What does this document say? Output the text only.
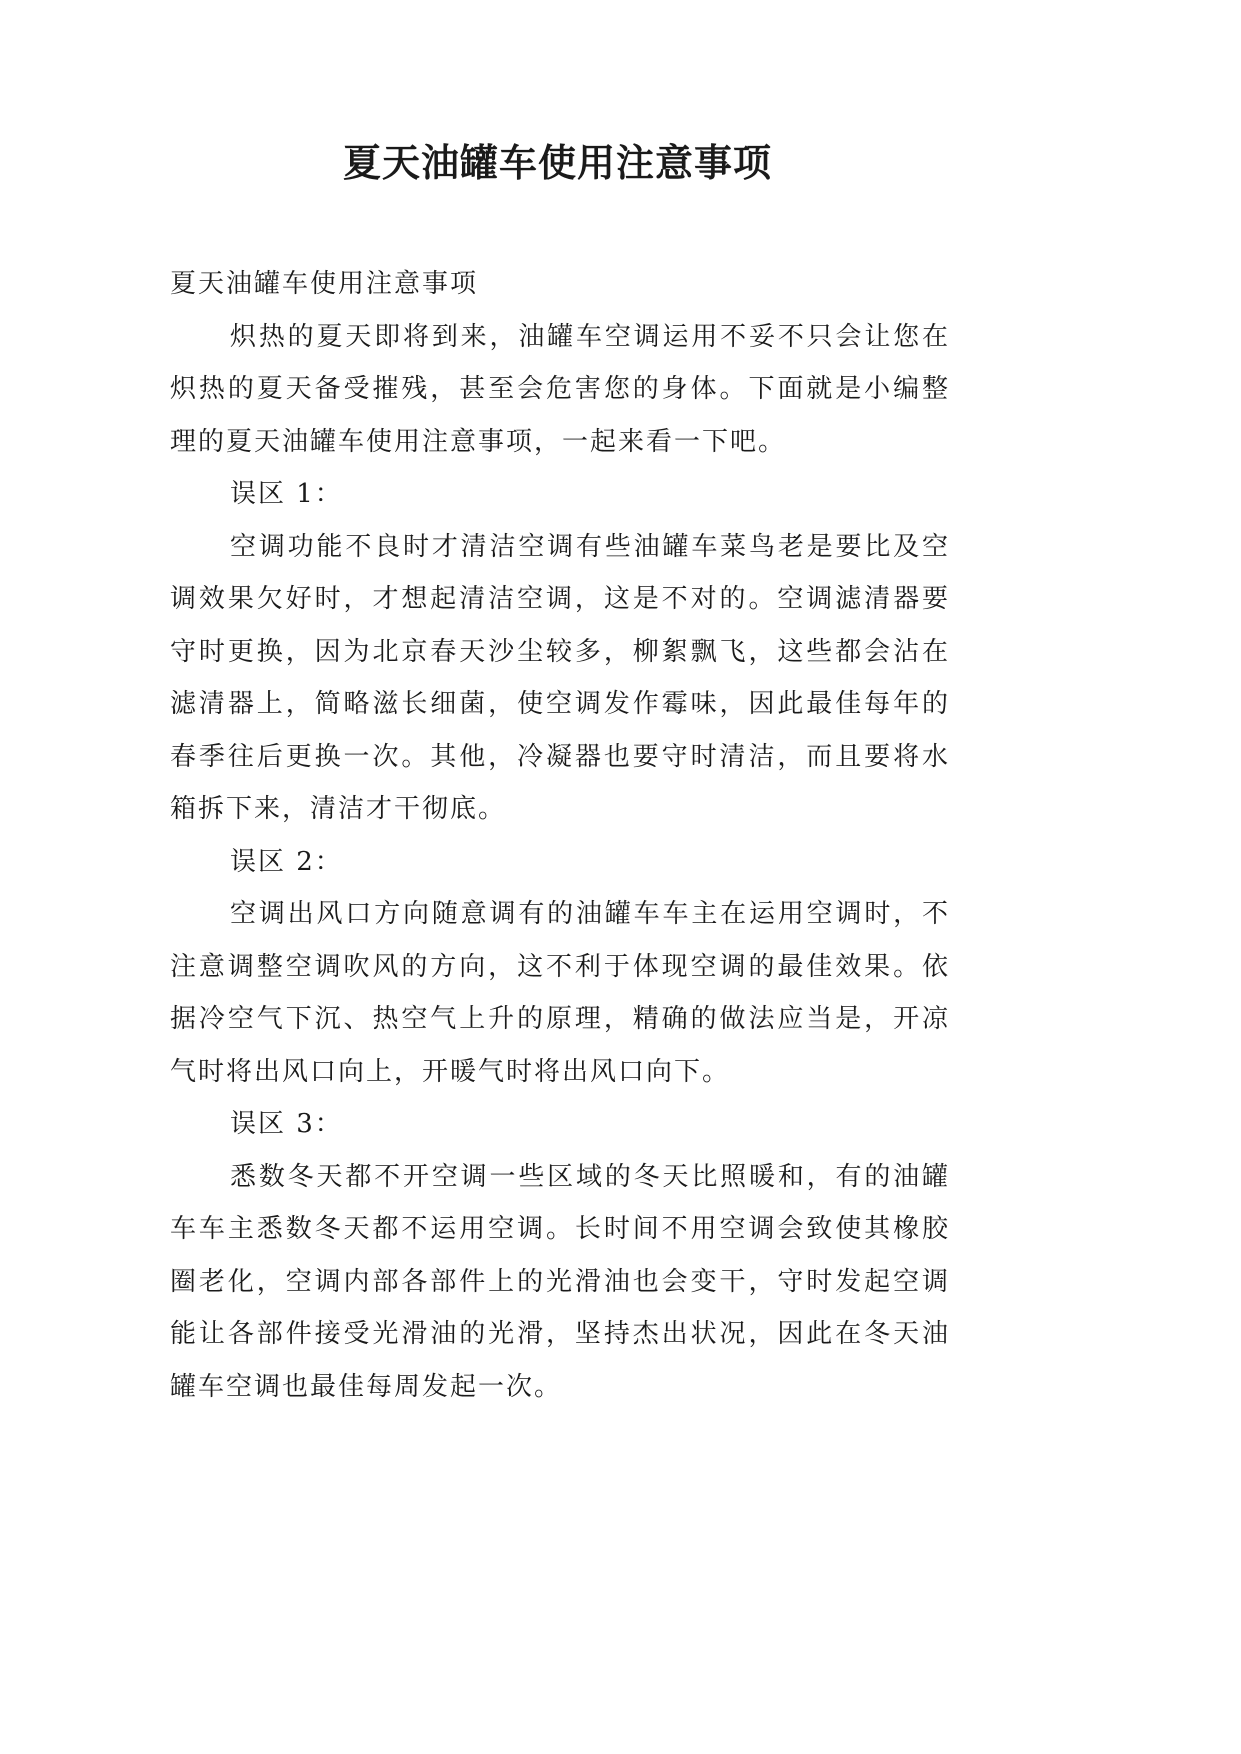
夏天油罐车使用注意事项

夏天油罐车使用注意事项

炽热的夏天即将到来，油罐车空调运用不妥不只会让您在炽热的夏天备受摧残，甚至会危害您的身体。下面就是小编整理的夏天油罐车使用注意事项，一起来看一下吧。

误区 1：

空调功能不良时才清洁空调有些油罐车菜鸟老是要比及空调效果欠好时，才想起清洁空调，这是不对的。空调滤清器要守时更换，因为北京春天沙尘较多，柳絮飘飞，这些都会沾在滤清器上，简略滋长细菌，使空调发作霉味，因此最佳每年的春季往后更换一次。其他，冷凝器也要守时清洁，而且要将水箱拆下来，清洁才干彻底。

误区 2：

空调出风口方向随意调有的油罐车车主在运用空调时，不注意调整空调吹风的方向，这不利于体现空调的最佳效果。依据冷空气下沉、热空气上升的原理，精确的做法应当是，开凉气时将出风口向上，开暖气时将出风口向下。

误区 3：

悉数冬天都不开空调一些区域的冬天比照暖和，有的油罐车车主悉数冬天都不运用空调。长时间不用空调会致使其橡胶圈老化，空调内部各部件上的光滑油也会变干，守时发起空调能让各部件接受光滑油的光滑，坚持杰出状况，因此在冬天油罐车空调也最佳每周发起一次。
